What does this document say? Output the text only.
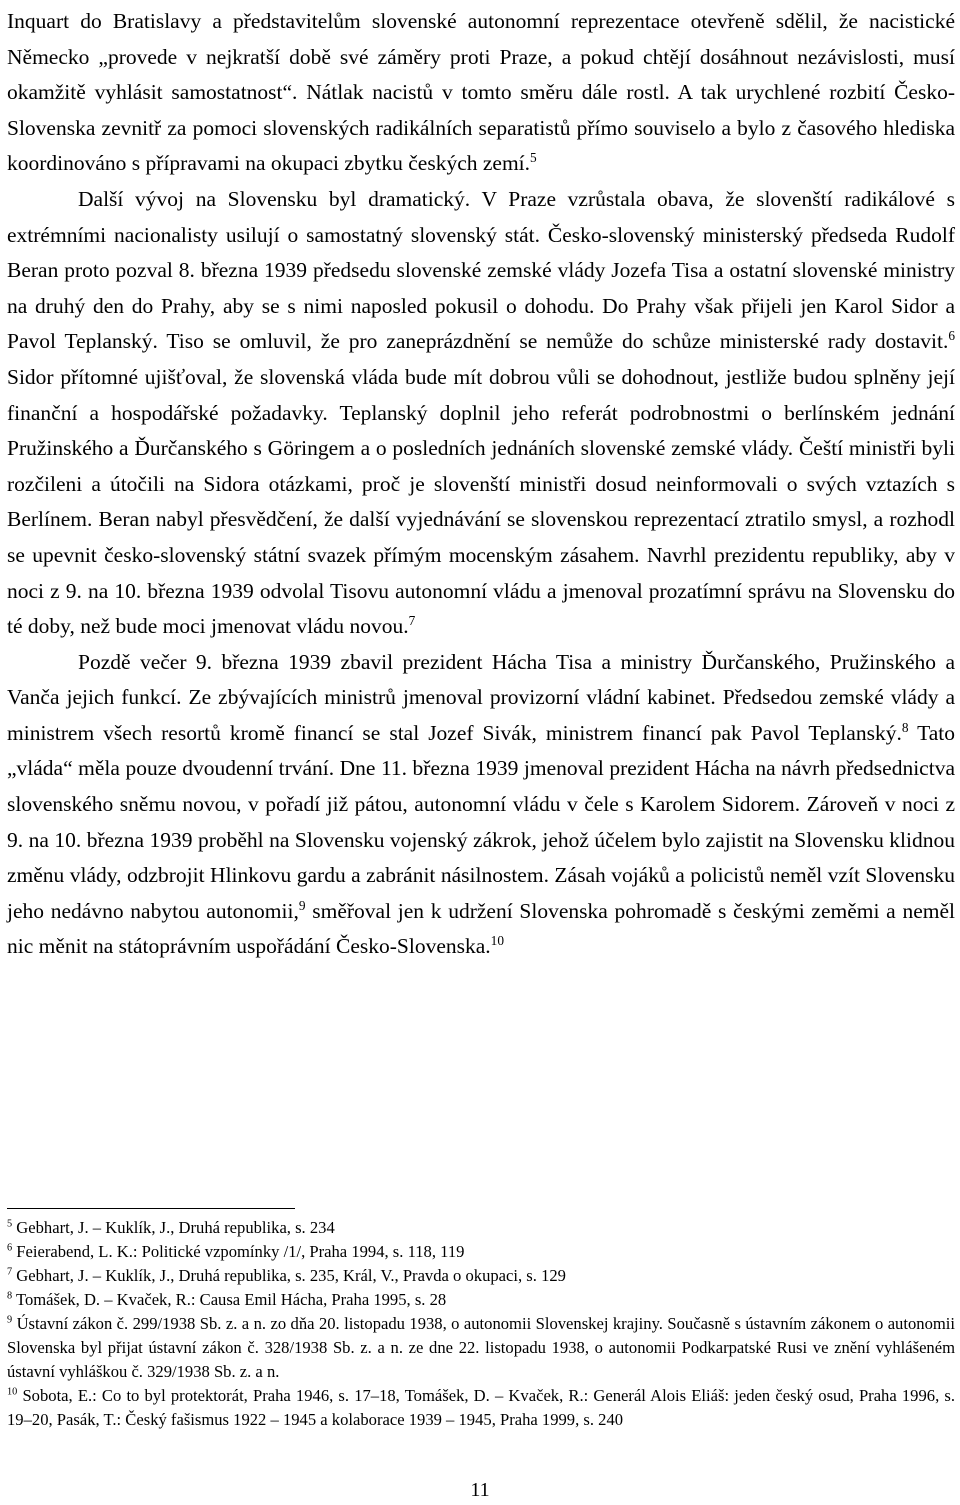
Inquart do Bratislavy a představitelům slovenské autonomní reprezentace otevřeně sdělil, že nacistické Německo „provede v nejkratší době své záměry proti Praze, a pokud chtějí dosáhnout nezávislosti, musí okamžitě vyhlásit samostatnost“. Nátlak nacistů v tomto směru dále rostl. A tak urychlené rozbití Česko-Slovenska zevnitř za pomoci slovenských radikálních separatistů přímo souviselo a bylo z časového hlediska koordinováno s přípravami na okupaci zbytku českých zemí.$^5$

Další vývoj na Slovensku byl dramatický. V Praze vzrůstala obava, že slovenští radikálové s extrémními nacionalisty usilují o samostatný slovenský stát. Česko-slovenský ministerský předseda Rudolf Beran proto pozval 8. března 1939 předsedu slovenské zemské vlády Jozefa Tisa a ostatní slovenské ministry na druhý den do Prahy, aby se s nimi naposled pokusil o dohodu. Do Prahy však přijeli jen Karol Sidor a Pavol Teplanský. Tiso se omluvil, že pro zaneprázdnění se nemůže do schůze ministerské rady dostavit.$^6$ Sidor přítomné ujišťoval, že slovenská vláda bude mít dobrou vůli se dohodnout, jestliže budou splněny její finanční a hospodářské požadavky. Teplanský doplnil jeho referát podrobnostmi o berlínském jednání Pružinského a Ďurčanského s Göringem a o posledních jednáních slovenské zemské vlády. Čeští ministři byli rozčileni a útočili na Sidora otázkami, proč je slovenští ministři dosud neinformovali o svých vztazích s Berlínem. Beran nabyl přesvědčení, že další vyjednávání se slovenskou reprezentací ztratilo smysl, a rozhodl se upevnit česko-slovenský státní svazek přímým mocenským zásahem. Navrhl prezidentu republiky, aby v noci z 9. na 10. března 1939 odvolal Tisovu autonomní vládu a jmenoval prozatímní správu na Slovensku do té doby, než bude moci jmenovat vládu novou.$^7$

Pozdě večer 9. března 1939 zbavil prezident Hácha Tisa a ministry Ďurčanského, Pružinského a Vanča jejich funkcí. Ze zbývajících ministrů jmenoval provizorní vládní kabinet. Předsedou zemské vlády a ministrem všech resortů kromě financí se stal Jozef Sivák, ministrem financí pak Pavol Teplanský.$^8$ Tato „vláda“ měla pouze dvoudenní trvání. Dne 11. března 1939 jmenoval prezident Hácha na návrh předsednictva slovenského sněmu novou, v pořadí již pátou, autonomní vládu v čele s Karolem Sidorem. Zároveň v noci z 9. na 10. března 1939 proběhl na Slovensku vojenský zákrok, jehož účelem bylo zajistit na Slovensku klidnou změnu vlády, odzbrojit Hlinkovu gardu a zabránit násilnostem. Zásah vojáků a policistů neměl vzít Slovensku jeho nedávno nabytou autonomii,$^9$ směřoval jen k udržení Slovenska pohromadě s českými zeměmi a neměl nic měnit na státoprávním uspořádání Česko-Slovenska.$^{10}$

$^5$ Gebhart, J. – Kuklík, J., Druhá republika, s. 234

$^6$ Feierabend, L. K.: Politické vzpomínky /1/, Praha 1994, s. 118, 119

$^7$ Gebhart, J. – Kuklík, J., Druhá republika, s. 235, Král, V., Pravda o okupaci, s. 129

$^8$ Tomášek, D. – Kvaček, R.: Causa Emil Hácha, Praha 1995, s. 28

$^9$ Ústavní zákon č. 299/1938 Sb. z. a n. zo dňa 20. listopadu 1938, o autonomii Slovenskej krajiny. Současně s ústavním zákonem o autonomii Slovenska byl přijat ústavní zákon č. 328/1938 Sb. z. a n. ze dne 22. listopadu 1938, o autonomii Podkarpatské Rusi ve znění vyhlášeném ústavní vyhláškou č. 329/1938 Sb. z. a n.

$^{10}$ Sobota, E.: Co to byl protektorát, Praha 1946, s. 17–18, Tomášek, D. – Kvaček, R.: Generál Alois Eliáš: jeden český osud, Praha 1996, s. 19–20, Pasák, T.: Český fašismus 1922 – 1945 a kolaborace 1939 – 1945, Praha 1999, s. 240

11
